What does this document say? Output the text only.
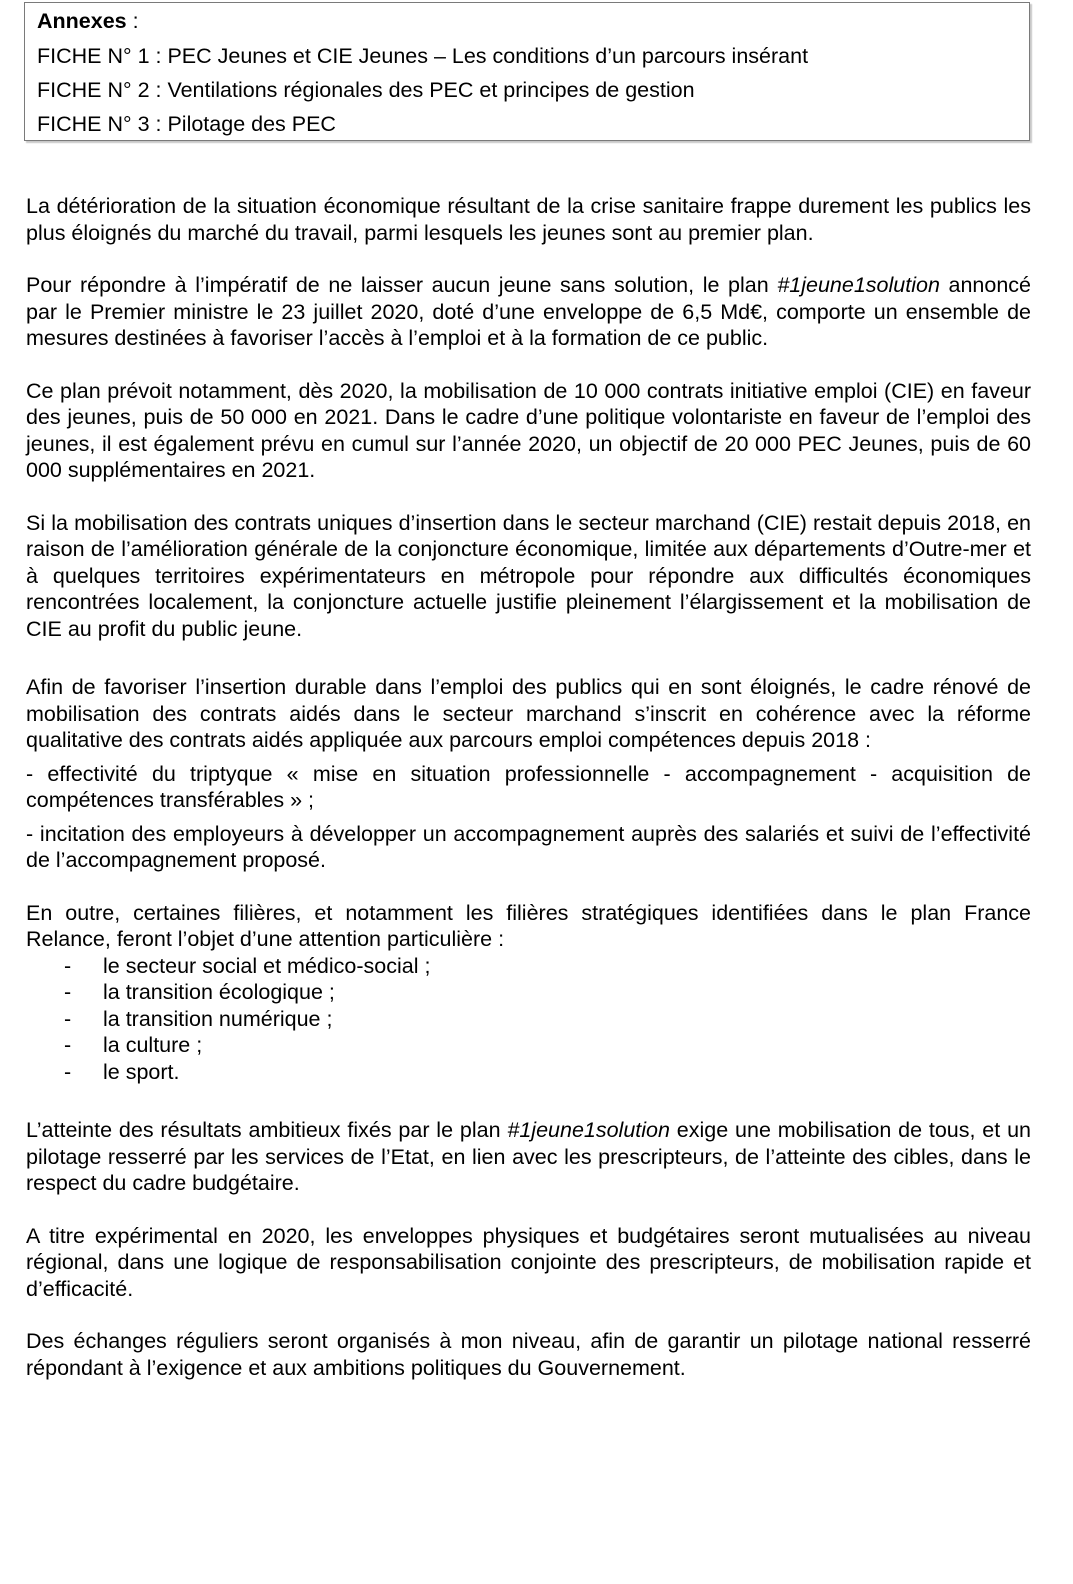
Annexes :
FICHE N° 1 : PEC Jeunes et CIE Jeunes – Les conditions d’un parcours insérant
FICHE N° 2 : Ventilations régionales des PEC et principes de gestion
FICHE N° 3 : Pilotage des PEC

La détérioration de la situation économique résultant de la crise sanitaire frappe durement les publics les plus éloignés du marché du travail, parmi lesquels les jeunes sont au premier plan.

Pour répondre à l’impératif de ne laisser aucun jeune sans solution, le plan #1jeune1solution annoncé par le Premier ministre le 23 juillet 2020, doté d’une enveloppe de 6,5 Md€, comporte un ensemble de mesures destinées à favoriser l’accès à l’emploi et à la formation de ce public.

Ce plan prévoit notamment, dès 2020, la mobilisation de 10 000 contrats initiative emploi (CIE) en faveur des jeunes, puis de 50 000 en 2021. Dans le cadre d’une politique volontariste en faveur de l’emploi des jeunes, il est également prévu en cumul sur l’année 2020, un objectif de 20 000 PEC Jeunes, puis de 60 000 supplémentaires en 2021.

Si la mobilisation des contrats uniques d’insertion dans le secteur marchand (CIE) restait depuis 2018, en raison de l’amélioration générale de la conjoncture économique, limitée aux départements d’Outre-mer et à quelques territoires expérimentateurs en métropole pour répondre aux difficultés économiques rencontrées localement, la conjoncture actuelle justifie pleinement l’élargissement et la mobilisation de CIE au profit du public jeune.

Afin de favoriser l’insertion durable dans l’emploi des publics qui en sont éloignés, le cadre rénové de mobilisation des contrats aidés dans le secteur marchand s’inscrit en cohérence avec la réforme qualitative des contrats aidés appliquée aux parcours emploi compétences depuis 2018 :

- effectivité du triptyque « mise en situation professionnelle - accompagnement - acquisition de compétences transférables » ;

- incitation des employeurs à développer un accompagnement auprès des salariés et suivi de l’effectivité de l’accompagnement proposé.

En outre, certaines filières, et notamment les filières stratégiques identifiées dans le plan France Relance, feront l’objet d’une attention particulière :

- le secteur social et médico-social ;
- la transition écologique ;
- la transition numérique ;
- la culture ;
- le sport.

L’atteinte des résultats ambitieux fixés par le plan #1jeune1solution exige une mobilisation de tous, et un pilotage resserré par les services de l’Etat, en lien avec les prescripteurs, de l’atteinte des cibles, dans le respect du cadre budgétaire.

A titre expérimental en 2020, les enveloppes physiques et budgétaires seront mutualisées au niveau régional, dans une logique de responsabilisation conjointe des prescripteurs, de mobilisation rapide et d’efficacité.

Des échanges réguliers seront organisés à mon niveau, afin de garantir un pilotage national resserré répondant à l’exigence et aux ambitions politiques du Gouvernement.
